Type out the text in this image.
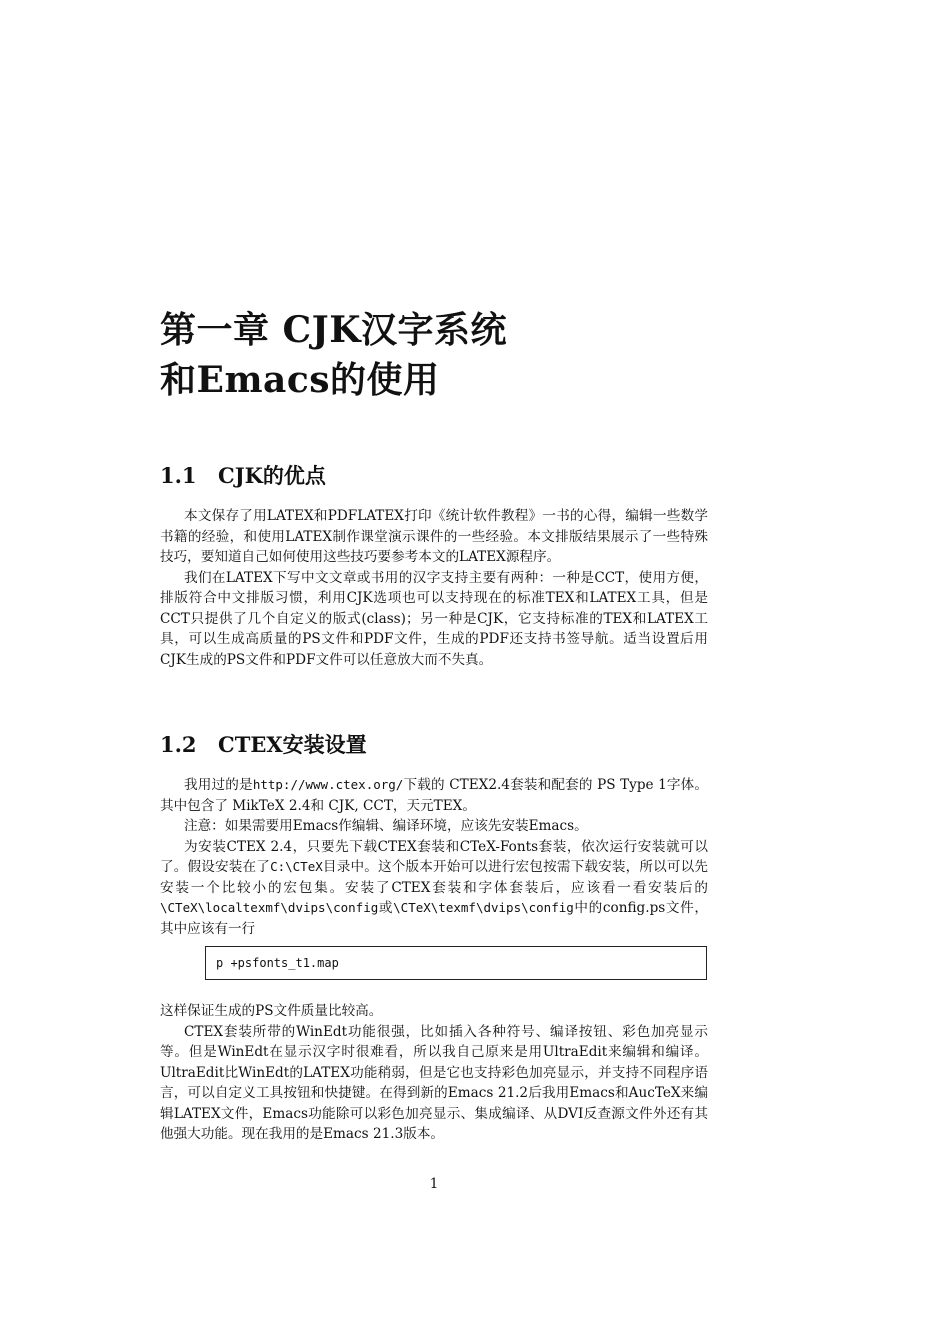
第一章 CJK汉字系统
和Emacs的使用
1.1 CJK的优点

本文保存了用LATEX和PDFLATEX打印《统计软件教程》一书的心得，编辑一些数学书籍的经验，和使用LATEX制作课堂演示课件的一些经验。本文排版结果展示了一些特殊技巧，要知道自己如何使用这些技巧要参考本文的LATEX源程序。

我们在LATEX下写中文文章或书用的汉字支持主要有两种：一种是CCT，使用方便，排版符合中文排版习惯，利用CJK选项也可以支持现在的标准TEX和LATEX工具，但是CCT只提供了几个自定义的版式(class)；另一种是CJK，它支持标准的TEX和LATEX工具，可以生成高质量的PS文件和PDF文件，生成的PDF还支持书签导航。适当设置后用CJK生成的PS文件和PDF文件可以任意放大而不失真。

1.2 CTEX安装设置

我用过的是http://www.ctex.org/下载的 CTEX2.4套装和配套的 PS Type 1字体。其中包含了 MikTeX 2.4和 CJK, CCT，天元TEX。

注意：如果需要用Emacs作编辑、编译环境，应该先安装Emacs。

为安装CTEX 2.4，只要先下载CTEX套装和CTeX-Fonts套装，依次运行安装就可以了。假设安装在了C:\CTeX目录中。这个版本开始可以进行宏包按需下载安装，所以可以先安装一个比较小的宏包集。安装了CTEX套装和字体套装后，应该看一看安装后的\CTeX\localtexmf\dvips\config或\CTeX\texmf\dvips\config中的config.ps文件，其中应该有一行

p +psfonts_t1.map

这样保证生成的PS文件质量比较高。

CTEX套装所带的WinEdt功能很强，比如插入各种符号、编译按钮、彩色加亮显示等。但是WinEdt在显示汉字时很难看，所以我自己原来是用UltraEdit来编辑和编译。UltraEdit比WinEdt的LATEX功能稍弱，但是它也支持彩色加亮显示，并支持不同程序语言，可以自定义工具按钮和快捷键。在得到新的Emacs 21.2后我用Emacs和AucTeX来编辑LATEX文件，Emacs功能除可以彩色加亮显示、集成编译、从DVI反查源文件外还有其他强大功能。现在我用的是Emacs 21.3版本。

1
